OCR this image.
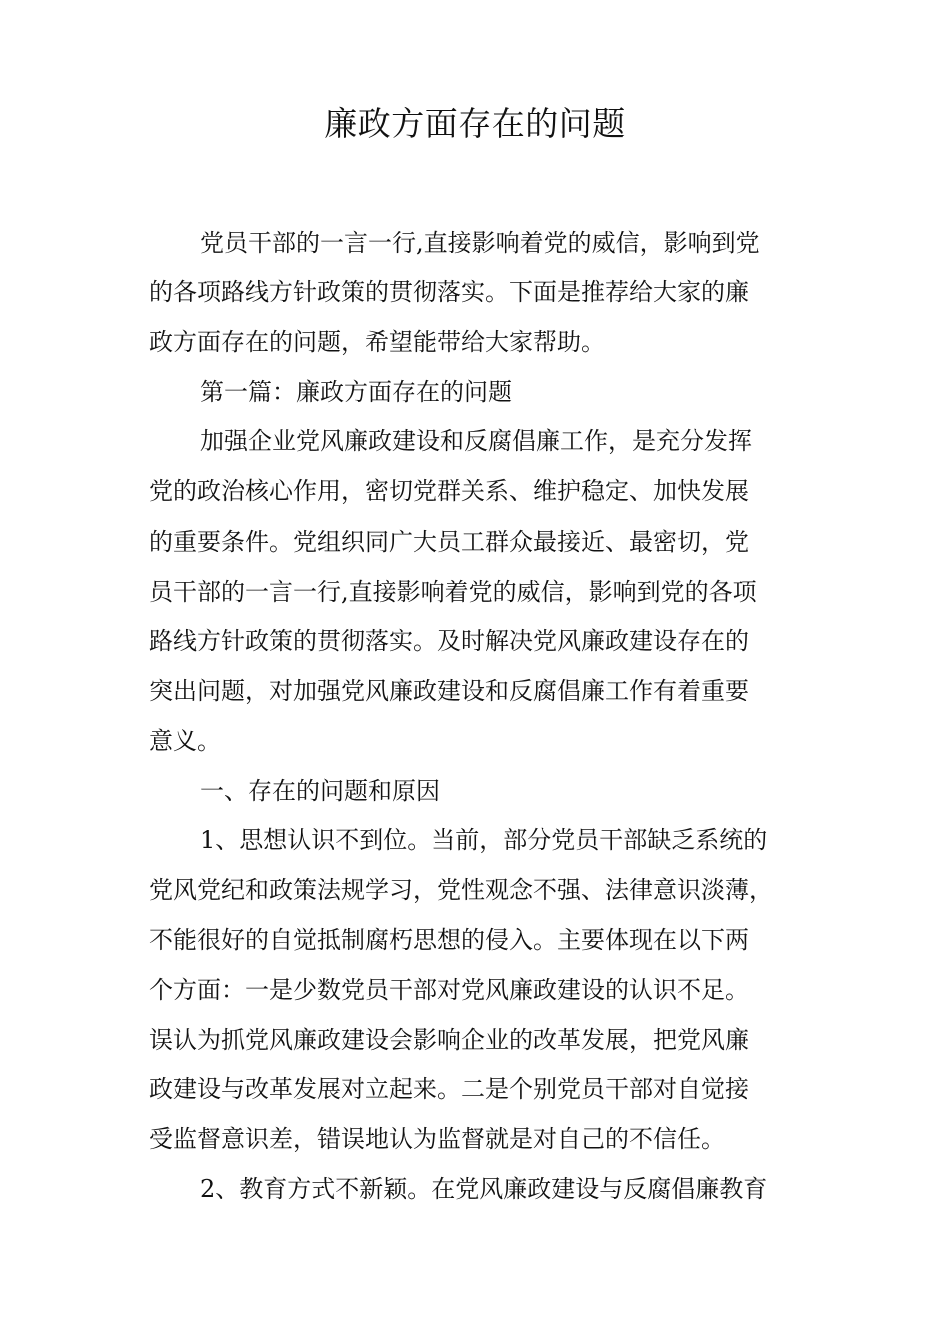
廉政方面存在的问题
党员干部的一言一行,直接影响着党的威信，影响到党
的各项路线方针政策的贯彻落实。下面是推荐给大家的廉
政方面存在的问题，希望能带给大家帮助。
第一篇：廉政方面存在的问题
加强企业党风廉政建设和反腐倡廉工作，是充分发挥
党的政治核心作用，密切党群关系、维护稳定、加快发展
的重要条件。党组织同广大员工群众最接近、最密切，党
员干部的一言一行,直接影响着党的威信，影响到党的各项
路线方针政策的贯彻落实。及时解决党风廉政建设存在的
突出问题，对加强党风廉政建设和反腐倡廉工作有着重要
意义。
一、存在的问题和原因
1、思想认识不到位。当前，部分党员干部缺乏系统的
党风党纪和政策法规学习，党性观念不强、法律意识淡薄，
不能很好的自觉抵制腐朽思想的侵入。主要体现在以下两
个方面：一是少数党员干部对党风廉政建设的认识不足。
误认为抓党风廉政建设会影响企业的改革发展，把党风廉
政建设与改革发展对立起来。二是个别党员干部对自觉接
受监督意识差，错误地认为监督就是对自己的不信任。
2、教育方式不新颖。在党风廉政建设与反腐倡廉教育
